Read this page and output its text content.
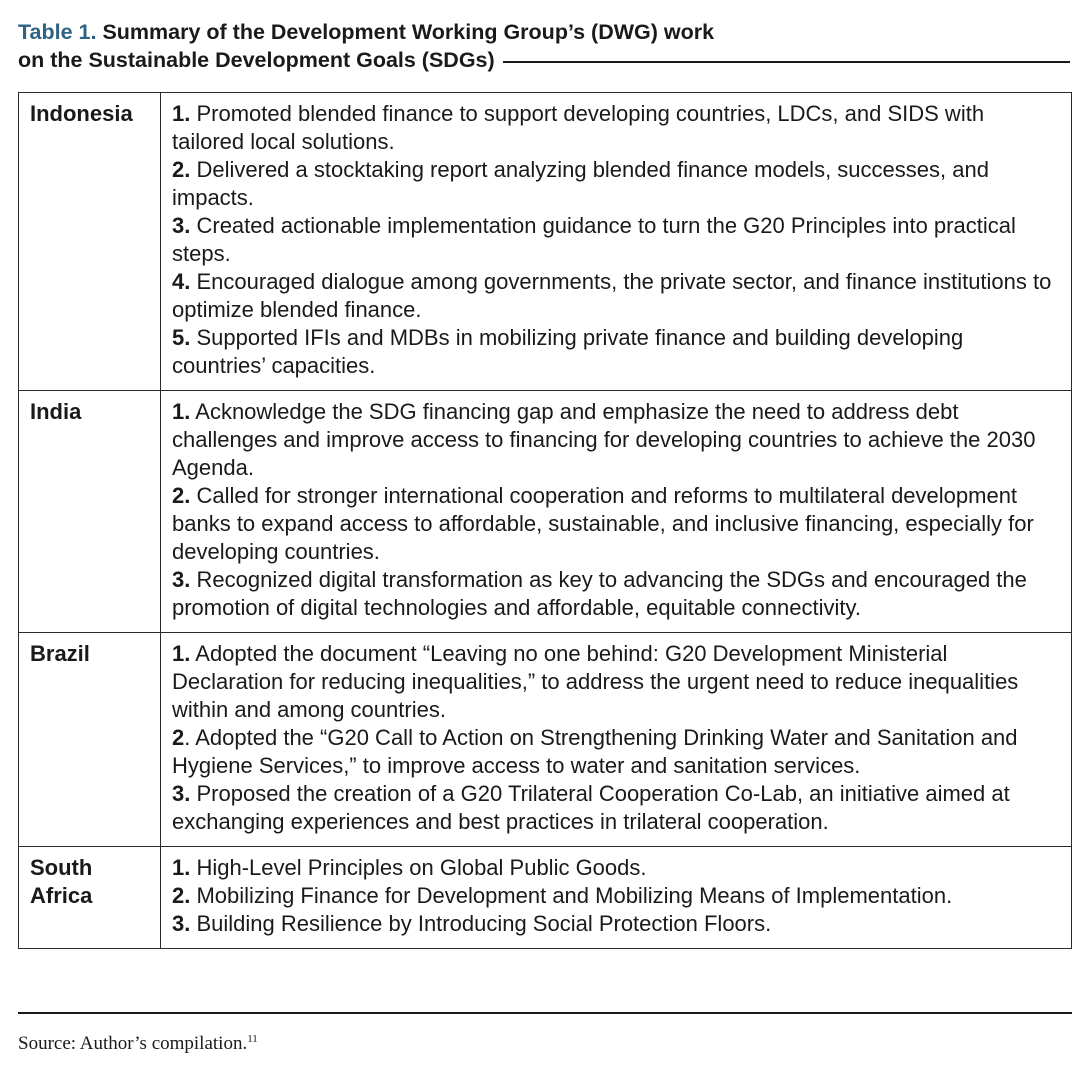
Table 1. Summary of the Development Working Group’s (DWG) work
on the Sustainable Development Goals (SDGs)
Indonesia	1. Promoted blended finance to support developing countries, LDCs, and SIDS with tailored local solutions.
2. Delivered a stocktaking report analyzing blended finance models, successes, and impacts.
3. Created actionable implementation guidance to turn the G20 Principles into practical steps.
4. Encouraged dialogue among governments, the private sector, and finance institutions to optimize blended finance.
5. Supported IFIs and MDBs in mobilizing private finance and building developing countries’ capacities.

India	1. Acknowledge the SDG financing gap and emphasize the need to address debt challenges and improve access to financing for developing countries to achieve the 2030 Agenda.
2. Called for stronger international cooperation and reforms to multilateral development banks to expand access to affordable, sustainable, and inclusive financing, especially for developing countries.
3. Recognized digital transformation as key to advancing the SDGs and encouraged the promotion of digital technologies and affordable, equitable connectivity.

Brazil	1. Adopted the document “Leaving no one behind: G20 Development Ministerial Declaration for reducing inequalities,” to address the urgent need to reduce inequalities within and among countries.
2. Adopted the “G20 Call to Action on Strengthening Drinking Water and Sanitation and Hygiene Services,” to improve access to water and sanitation services.
3. Proposed the creation of a G20 Trilateral Cooperation Co-Lab, an initiative aimed at exchanging experiences and best practices in trilateral cooperation.

South Africa	1. High-Level Principles on Global Public Goods.
2. Mobilizing Finance for Development and Mobilizing Means of Implementation.
3. Building Resilience by Introducing Social Protection Floors.
Source: Author’s compilation.$^{11}$
